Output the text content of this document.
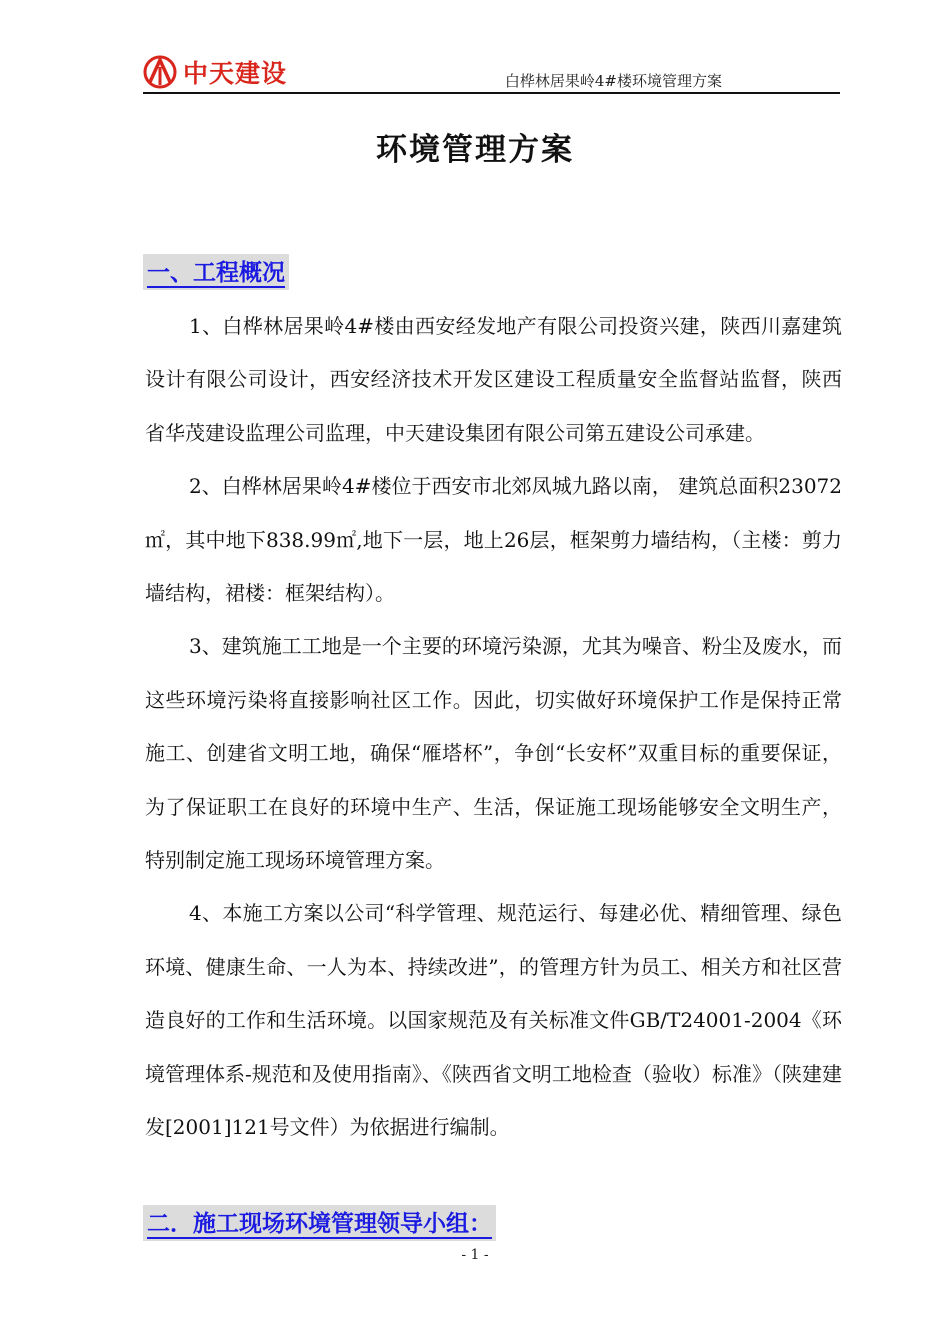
中天建设	白桦林居果岭4#楼环境管理方案
环境管理方案
一、工程概况

1、白桦林居果岭4#楼由西安经发地产有限公司投资兴建，陕西川嘉建筑设计有限公司设计，西安经济技术开发区建设工程质量安全监督站监督，陕西省华茂建设监理公司监理，中天建设集团有限公司第五建设公司承建。

2、白桦林居果岭4#楼位于西安市北郊凤城九路以南， 建筑总面积23072㎡，其中地下838.99㎡,地下一层，地上26层，框架剪力墙结构，（主楼：剪力墙结构，裙楼：框架结构）。

3、建筑施工工地是一个主要的环境污染源，尤其为噪音、粉尘及废水，而这些环境污染将直接影响社区工作。因此，切实做好环境保护工作是保持正常施工、创建省文明工地，确保“雁塔杯”，争创“长安杯”双重目标的重要保证，为了保证职工在良好的环境中生产、生活，保证施工现场能够安全文明生产，特别制定施工现场环境管理方案。

4、本施工方案以公司“科学管理、规范运行、每建必优、精细管理、绿色环境、健康生命、一人为本、持续改进”，的管理方针为员工、相关方和社区营造良好的工作和生活环境。以国家规范及有关标准文件GB/T24001-2004《环境管理体系-规范和及使用指南》、《陕西省文明工地检查（验收）标准》（陕建建发[2001]121号文件）为依据进行编制。

二．施工现场环境管理领导小组：
- 1 -
